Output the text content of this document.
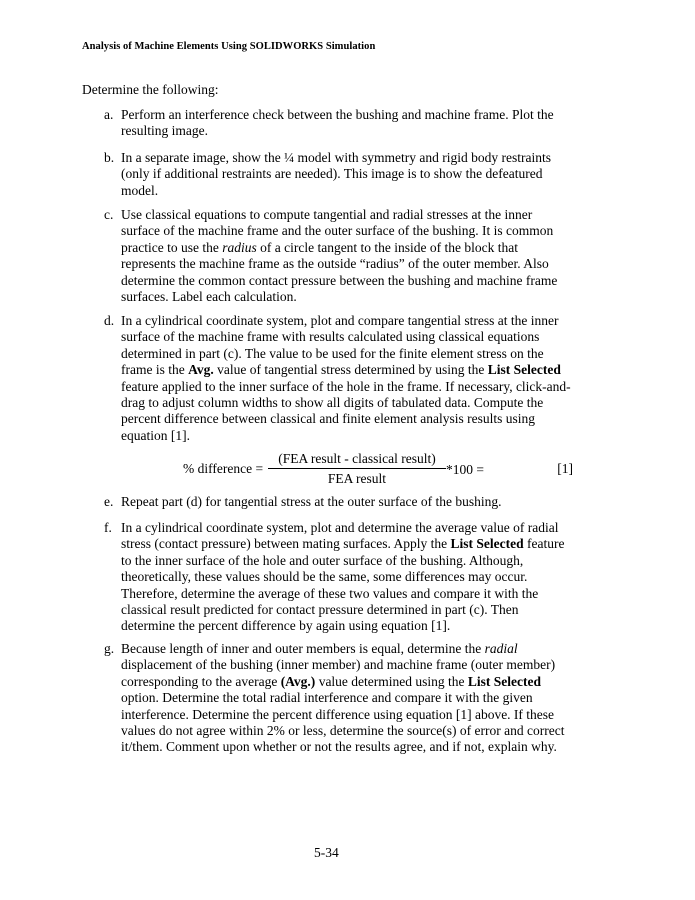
Analysis of Machine Elements Using SOLIDWORKS Simulation
Determine the following:
a. Perform an interference check between the bushing and machine frame. Plot the resulting image.
b. In a separate image, show the ¼ model with symmetry and rigid body restraints (only if additional restraints are needed). This image is to show the defeatured model.
c. Use classical equations to compute tangential and radial stresses at the inner surface of the machine frame and the outer surface of the bushing. It is common practice to use the radius of a circle tangent to the inside of the block that represents the machine frame as the outside “radius” of the outer member. Also determine the common contact pressure between the bushing and machine frame surfaces. Label each calculation.
d. In a cylindrical coordinate system, plot and compare tangential stress at the inner surface of the machine frame with results calculated using classical equations determined in part (c). The value to be used for the finite element stress on the frame is the Avg. value of tangential stress determined by using the List Selected feature applied to the inner surface of the hole in the frame. If necessary, click-and-drag to adjust column widths to show all digits of tabulated data. Compute the percent difference between classical and finite element analysis results using equation [1].
% difference =
(FEA result - classical result)
FEA result
*100 =	[1]
e. Repeat part (d) for tangential stress at the outer surface of the bushing.
f. In a cylindrical coordinate system, plot and determine the average value of radial stress (contact pressure) between mating surfaces. Apply the List Selected feature to the inner surface of the hole and outer surface of the bushing. Although, theoretically, these values should be the same, some differences may occur. Therefore, determine the average of these two values and compare it with the classical result predicted for contact pressure determined in part (c). Then determine the percent difference by again using equation [1].
g. Because length of inner and outer members is equal, determine the radial displacement of the bushing (inner member) and machine frame (outer member) corresponding to the average (Avg.) value determined using the List Selected option. Determine the total radial interference and compare it with the given interference. Determine the percent difference using equation [1] above. If these values do not agree within 2% or less, determine the source(s) of error and correct it/them. Comment upon whether or not the results agree, and if not, explain why.
5-34
